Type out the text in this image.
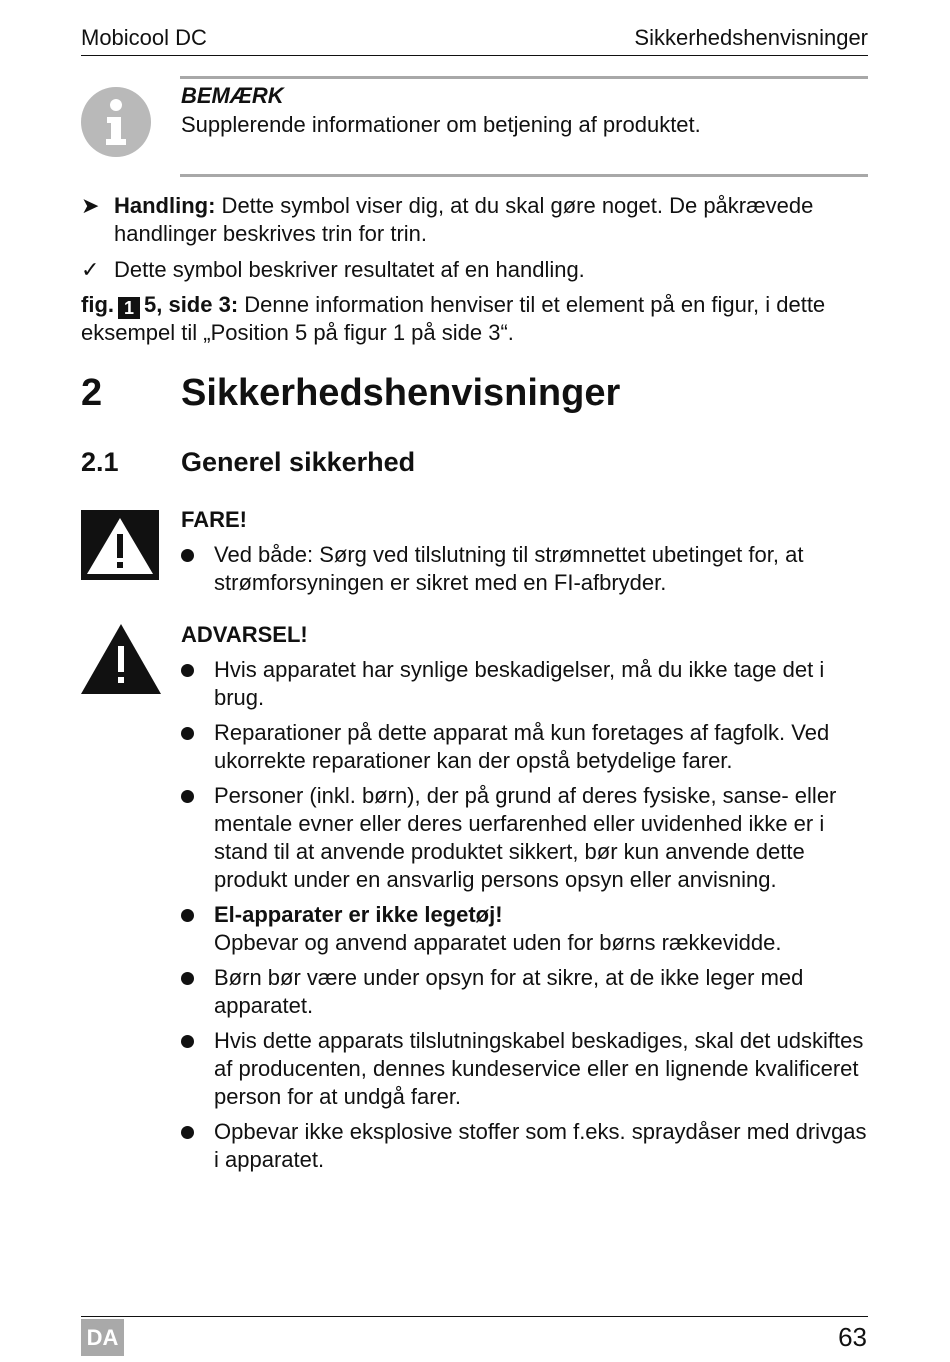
Mobicool DC	Sikkerhedshenvisninger
BEMÆRK
Supplerende informationer om betjening af produktet.
➤ Handling: Dette symbol viser dig, at du skal gøre noget. De påkrævede handlinger beskrives trin for trin.
✓ Dette symbol beskriver resultatet af en handling.
fig. 1 5, side 3: Denne information henviser til et element på en figur, i dette eksempel til „Position 5 på figur 1 på side 3“.
2 Sikkerhedshenvisninger
2.1 Generel sikkerhed
FARE!
Ved både: Sørg ved tilslutning til strømnettet ubetinget for, at strømforsyningen er sikret med en FI-afbryder.
ADVARSEL!
Hvis apparatet har synlige beskadigelser, må du ikke tage det i brug.
Reparationer på dette apparat må kun foretages af fagfolk. Ved ukorrekte reparationer kan der opstå betydelige farer.
Personer (inkl. børn), der på grund af deres fysiske, sanse- eller mentale evner eller deres uerfarenhed eller uvidenhed ikke er i stand til at anvende produktet sikkert, bør kun anvende dette produkt under en ansvarlig persons opsyn eller anvisning.
El-apparater er ikke legetøj!
Opbevar og anvend apparatet uden for børns rækkevidde.
Børn bør være under opsyn for at sikre, at de ikke leger med apparatet.
Hvis dette apparats tilslutningskabel beskadiges, skal det udskiftes af producenten, dennes kundeservice eller en lignende kvalificeret person for at undgå farer.
Opbevar ikke eksplosive stoffer som f.eks. spraydåser med drivgas i apparatet.
DA	63
